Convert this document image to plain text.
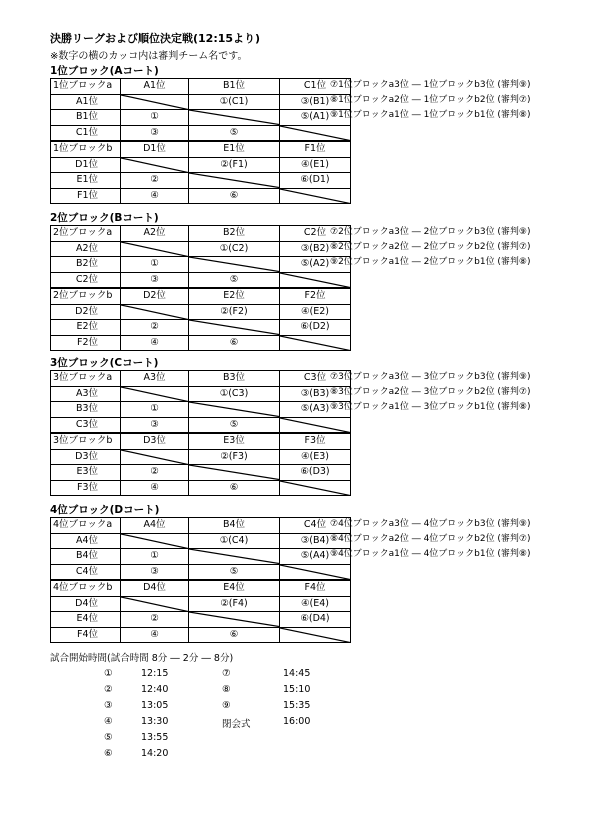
決勝リーグおよび順位決定戦(12:15より)
※数字の横のカッコ内は審判チーム名です。
1位ブロック(Aコート)
1位ブロックa	A1位	B1位	C1位
A1位		①(C1)	③(B1)
B1位	①		⑤(A1)
C1位	③	⑤	

1位ブロックb	D1位	E1位	F1位
D1位		②(F1)	④(E1)
E1位	②		⑥(D1)
F1位	④	⑥	
⑦1位ブロックa3位 ― 1位ブロックb3位 (審判⑨)
⑧1位ブロックa2位 ― 1位ブロックb2位 (審判⑦)
⑨1位ブロックa1位 ― 1位ブロックb1位 (審判⑧)
2位ブロック(Bコート)
2位ブロックa	A2位	B2位	C2位
A2位		①(C2)	③(B2)
B2位	①		⑤(A2)
C2位	③	⑤	

2位ブロックb	D2位	E2位	F2位
D2位		②(F2)	④(E2)
E2位	②		⑥(D2)
F2位	④	⑥	
⑦2位ブロックa3位 ― 2位ブロックb3位 (審判⑨)
⑧2位ブロックa2位 ― 2位ブロックb2位 (審判⑦)
⑨2位ブロックa1位 ― 2位ブロックb1位 (審判⑧)
3位ブロック(Cコート)
3位ブロックa	A3位	B3位	C3位
A3位		①(C3)	③(B3)
B3位	①		⑤(A3)
C3位	③	⑤	

3位ブロックb	D3位	E3位	F3位
D3位		②(F3)	④(E3)
E3位	②		⑥(D3)
F3位	④	⑥	
⑦3位ブロックa3位 ― 3位ブロックb3位 (審判⑨)
⑧3位ブロックa2位 ― 3位ブロックb2位 (審判⑦)
⑨3位ブロックa1位 ― 3位ブロックb1位 (審判⑧)
4位ブロック(Dコート)
4位ブロックa	A4位	B4位	C4位
A4位		①(C4)	③(B4)
B4位	①		⑤(A4)
C4位	③	⑤	

4位ブロックb	D4位	E4位	F4位
D4位		②(F4)	④(E4)
E4位	②		⑥(D4)
F4位	④	⑥	
⑦4位ブロックa3位 ― 4位ブロックb3位 (審判⑨)
⑧4位ブロックa2位 ― 4位ブロックb2位 (審判⑦)
⑨4位ブロックa1位 ― 4位ブロックb1位 (審判⑧)
試合開始時間(試合時間 8分 ― 2分 ― 8分)
①	12:15
②	12:40
③	13:05
④	13:30
⑤	13:55
⑥	14:20
⑦	14:45
⑧	15:10
⑨	15:35
閉会式	16:00
